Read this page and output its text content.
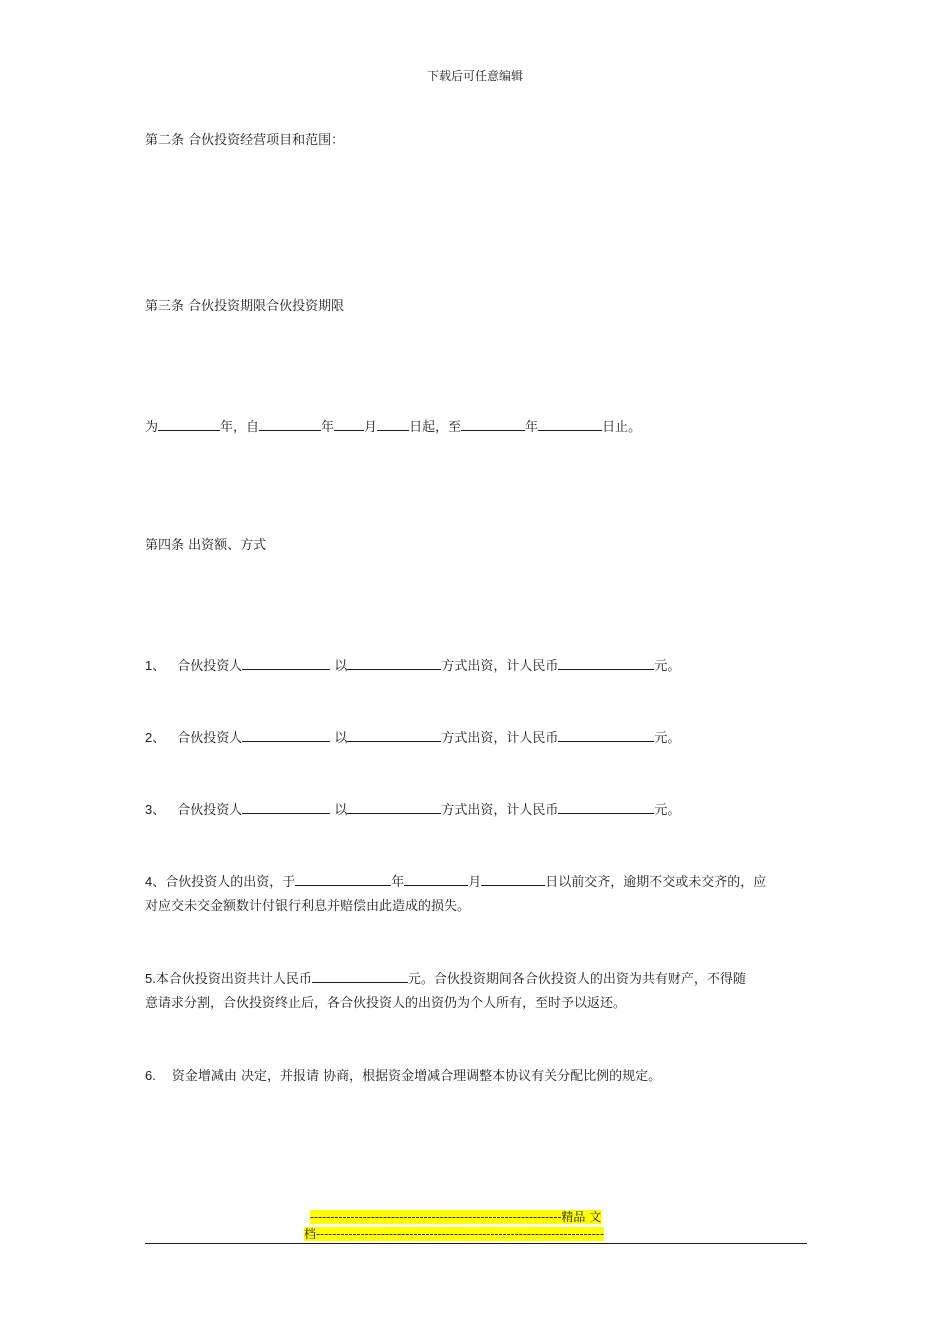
下载后可任意编辑
第二条 合伙投资经营项目和范围：
第三条 合伙投资期限合伙投资期限
为	年，自	年 月 日起，至	年	日止。
第四条 出资额、方式
1、 合伙投资人	以	方式出资，计人民币	元。
2、 合伙投资人	以	方式出资，计人民币	元。
3、 合伙投资人	以	方式出资，计人民币	元。
4、合伙投资人的出资，于	年	月	日以前交齐，逾期不交或未交齐的，应
对应交未交金额数计付银行利息并赔偿由此造成的损失。
5.本合伙投资出资共计人民币	元。合伙投资期间各合伙投资人的出资为共有财产，不得随
意请求分割，合伙投资终止后，各合伙投资人的出资仍为个人所有，至时予以返还。
6. 资金增减由 决定，并报请 协商，根据资金增减合理调整本协议有关分配比例的规定。
--------------------------------------------------------------精品 文
档-----------------------------------------------------------------------
